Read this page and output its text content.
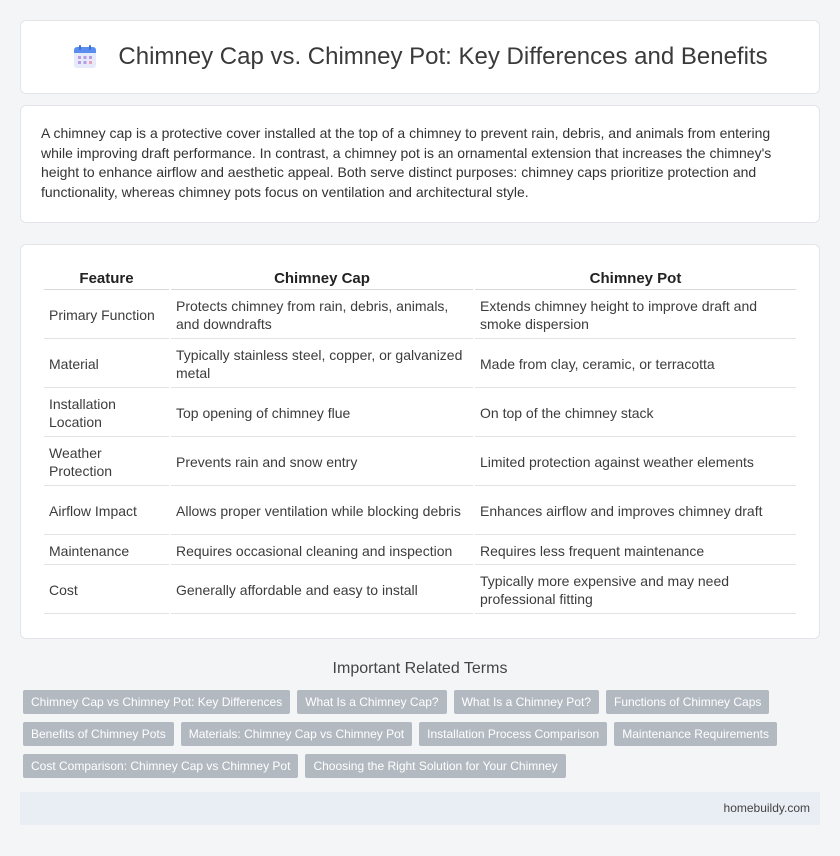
Chimney Cap vs. Chimney Pot: Key Differences and Benefits

A chimney cap is a protective cover installed at the top of a chimney to prevent rain, debris, and animals from entering while improving draft performance. In contrast, a chimney pot is an ornamental extension that increases the chimney's height to enhance airflow and aesthetic appeal. Both serve distinct purposes: chimney caps prioritize protection and functionality, whereas chimney pots focus on ventilation and architectural style.

Feature	Chimney Cap	Chimney Pot
Primary Function	Protects chimney from rain, debris, animals, and downdrafts	Extends chimney height to improve draft and smoke dispersion
Material	Typically stainless steel, copper, or galvanized metal	Made from clay, ceramic, or terracotta
Installation Location	Top opening of chimney flue	On top of the chimney stack
Weather Protection	Prevents rain and snow entry	Limited protection against weather elements
Airflow Impact	Allows proper ventilation while blocking debris	Enhances airflow and improves chimney draft
Maintenance	Requires occasional cleaning and inspection	Requires less frequent maintenance
Cost	Generally affordable and easy to install	Typically more expensive and may need professional fitting
Important Related Terms
Chimney Cap vs Chimney Pot: Key Differences	What Is a Chimney Cap?	What Is a Chimney Pot?	Functions of Chimney Caps
Benefits of Chimney Pots	Materials: Chimney Cap vs Chimney Pot	Installation Process Comparison	Maintenance Requirements
Cost Comparison: Chimney Cap vs Chimney Pot	Choosing the Right Solution for Your Chimney
homebuildy.com
